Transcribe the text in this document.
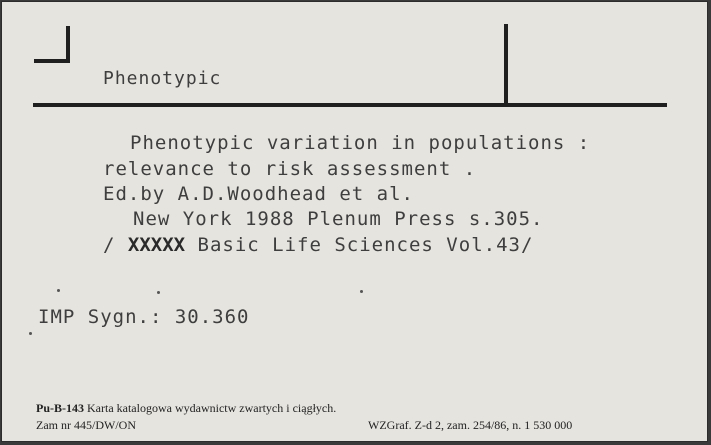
Phenotypic
Phenotypic variation in populations :
relevance to risk assessment .
Ed.by A.D.Woodhead et al.
New York 1988 Plenum Press s.305.
/ XXXXX Basic Life Sciences Vol.43/
IMP Sygn.: 30.360
Pu-B-143 Karta katalogowa wydawnictw zwartych i ciągłych.
Zam nr 445/DW/ON	WZGraf. Z-d 2, zam. 254/86, n. 1 530 000
